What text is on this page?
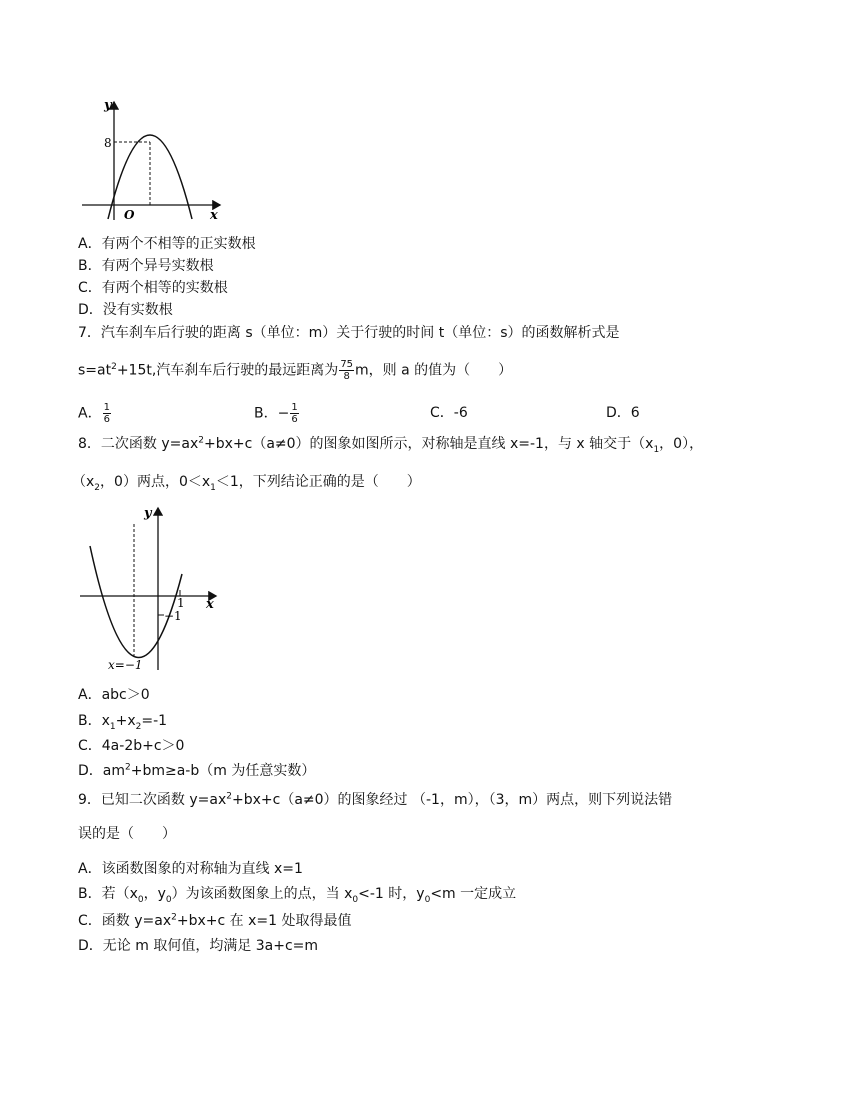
y
x
O
8
A．有两个不相等的正实数根
B．有两个异号实数根
C．有两个相等的实数根
D．没有实数根
7．汽车刹车后行驶的距离 s（单位：m）关于行驶的时间 t（单位：s）的函数解析式是
$s=at^2+15t$,汽车刹车后行驶的最远距离为 $\frac{75}{8}$ m，则 a 的值为（　　）
A． $\frac{1}{6}$	B．− $\frac{1}{6}$	C．-6	D．6
8．二次函数 $y=ax^2+bx+c(a\ne 0)$的图象如图所示，对称轴是直线 x=-1，与 x 轴交于（$x_1$，0），
（$x_2$，0）两点，$0<x_1<1$，下列结论正确的是（　　）
y
x
1
−1
x=−1
A．abc＞0
B．$x_1+x_2=-1$
C．4a-2b+c＞0
D．$am^2+bm\ge a-b(m$ 为任意实数）
9．已知二次函数 $y=ax^2+bx+c(a\ne 0)$的图象经过 （-1，m），（3，m）两点，则下列说法错
误的是（　　）
A．该函数图象的对称轴为直线 x=1
B．若（$x_0$，$y_0$）为该函数图象上的点，当 $x_0<-1$ 时，$y_0<m$ 一定成立
C．函数 $y=ax^2+bx+c$ 在 x=1 处取得最值
D．无论 m 取何值，均满足 3a+c=m
